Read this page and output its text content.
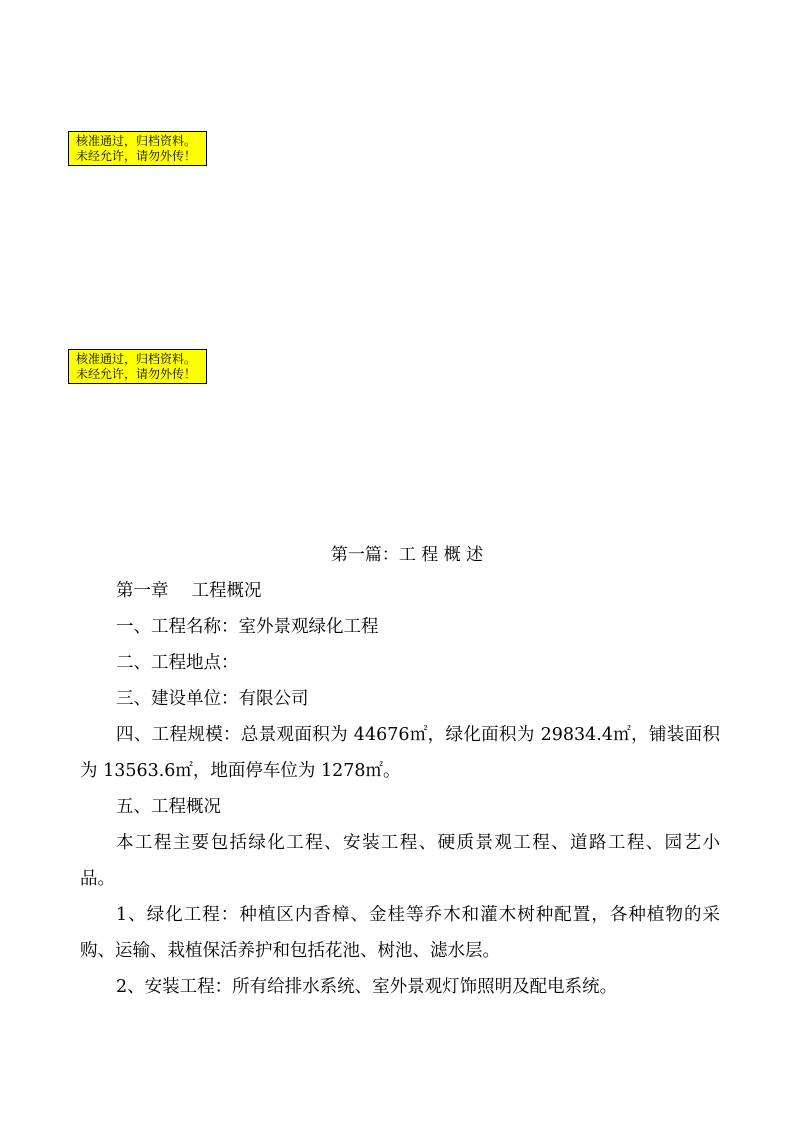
核准通过，归档资料。
未经允许，请勿外传！
核准通过，归档资料。
未经允许，请勿外传！
第一篇：工 程 概 述
第一章　 工程概况
一、工程名称：室外景观绿化工程
二、工程地点：
三、建设单位：有限公司
四、工程规模：总景观面积为 44676㎡，绿化面积为 29834.4㎡，铺装面积
为 13563.6㎡，地面停车位为 1278㎡。
五、工程概况
本工程主要包括绿化工程、安装工程、硬质景观工程、道路工程、园艺小
品。
1、绿化工程：种植区内香樟、金桂等乔木和灌木树种配置，各种植物的采
购、运输、栽植保活养护和包括花池、树池、滤水层。
2、安装工程：所有给排水系统、室外景观灯饰照明及配电系统。
